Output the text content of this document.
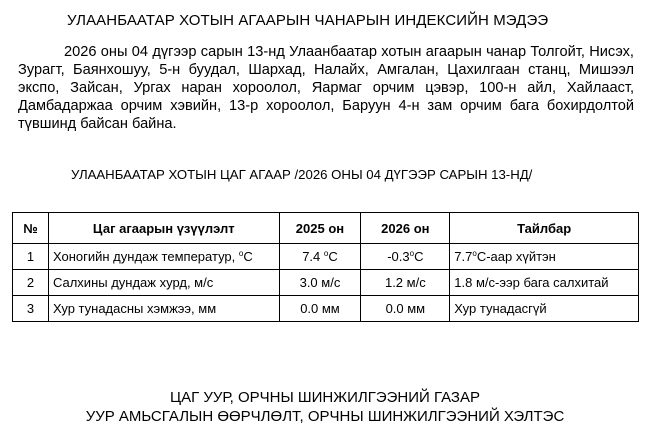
УЛААНБААТАР ХОТЫН АГААРЫН ЧАНАРЫН ИНДЕКСИЙН МЭДЭЭ
2026 оны 04 дүгээр сарын 13-нд Улаанбаатар хотын агаарын чанар Толгойт, Нисэх, Зурагт, Баянхошуу, 5-н буудал, Шархад, Налайх, Амгалан, Цахилгаан станц, Мишээл экспо, Зайсан, Ургах наран хороолол, Яармаг орчим цэвэр, 100-н айл, Хайлааст, Дамбадаржаа орчим хэвийн, 13-р хороолол, Баруун 4-н зам орчим бага бохирдолтой түвшинд байсан байна.
УЛААНБААТАР ХОТЫН ЦАГ АГААР /2026 ОНЫ 04 ДҮГЭЭР САРЫН 13-НД/
№	Цаг агаарын үзүүлэлт	2025 он	2026 он	Тайлбар
1	Хоногийн дундаж температур, $^o$C	7.4 $^o$C	-0.3$^o$C	7.7$^o$C-аар хүйтэн
2	Салхины дундаж хурд, м/с	3.0 м/с	1.2 м/с	1.8 м/с-ээр бага салхитай
3	Хур тунадасны хэмжээ, мм	0.0 мм	0.0 мм	Хур тунадасгүй
ЦАГ УУР, ОРЧНЫ ШИНЖИЛГЭЭНИЙ ГАЗАР
УУР АМЬСГАЛЫН ӨӨРЧЛӨЛТ, ОРЧНЫ ШИНЖИЛГЭЭНИЙ ХЭЛТЭС
